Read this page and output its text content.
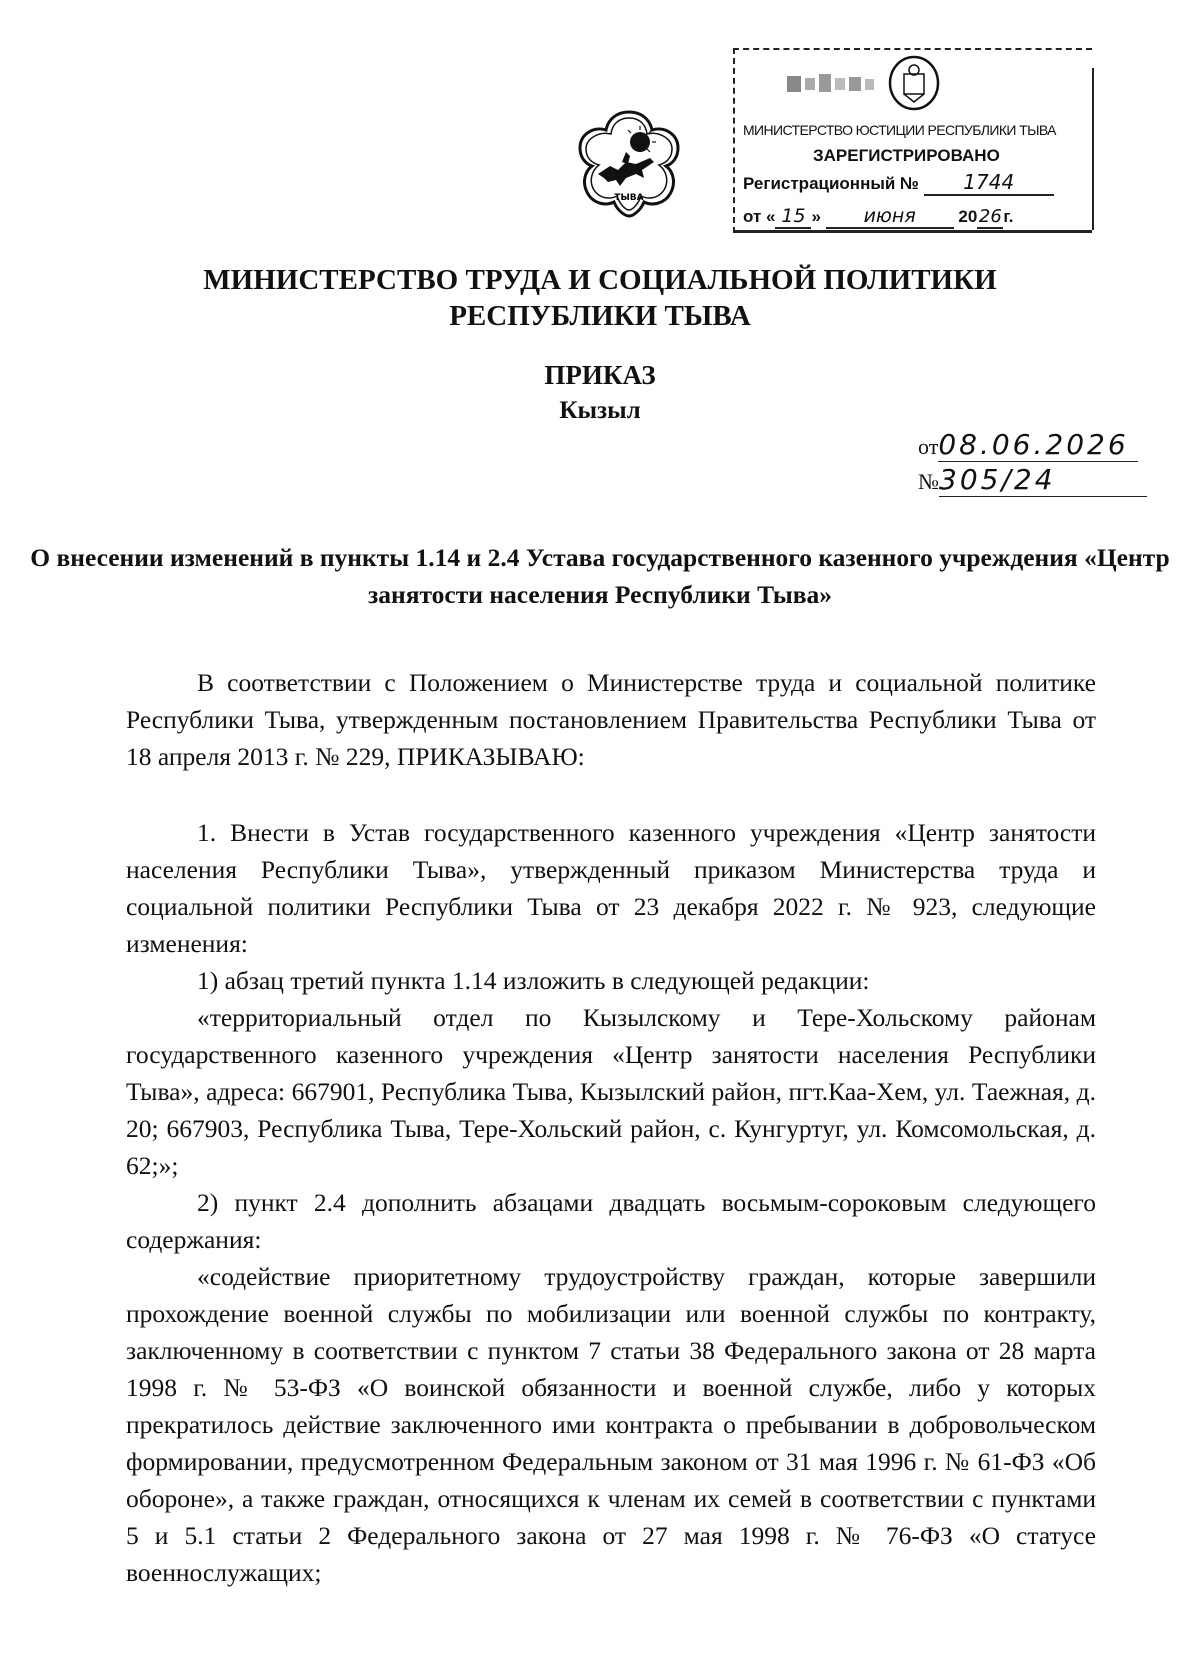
ТЫВА
МИНИСТЕРСТВО ЮСТИЦИИ РЕСПУБЛИКИ ТЫВА
ЗАРЕГИСТРИРОВАНО
Регистрационный № 1744
от « 15 » июня	2026г.
МИНИСТЕРСТВО ТРУДА И СОЦИАЛЬНОЙ ПОЛИТИКИ
РЕСПУБЛИКИ ТЫВА
ПРИКАЗ
Кызыл
от08.06.2026
№305/24
О внесении изменений в пункты 1.14 и 2.4 Устава государственного казенного учреждения «Центр занятости населения Республики Тыва»

В соответствии с Положением о Министерстве труда и социальной политике Республики Тыва, утвержденным постановлением Правительства Республики Тыва от 18 апреля 2013 г. № 229, ПРИКАЗЫВАЮ:

1. Внести в Устав государственного казенного учреждения «Центр занятости населения Республики Тыва», утвержденный приказом Министерства труда и социальной политики Республики Тыва от 23 декабря 2022 г. № 923, следующие изменения:

1) абзац третий пункта 1.14 изложить в следующей редакции:

«территориальный отдел по Кызылскому и Тере-Хольскому районам государственного казенного учреждения «Центр занятости населения Республики Тыва», адреса: 667901, Республика Тыва, Кызылский район, пгт.Каа-Хем, ул. Таежная, д. 20; 667903, Республика Тыва, Тере-Хольский район, с. Кунгуртуг, ул. Комсомольская, д. 62;»;

2) пункт 2.4 дополнить абзацами двадцать восьмым-сороковым следующего содержания:

«содействие приоритетному трудоустройству граждан, которые завершили прохождение военной службы по мобилизации или военной службы по контракту, заключенному в соответствии с пунктом 7 статьи 38 Федерального закона от 28 марта 1998 г. № 53-ФЗ «О воинской обязанности и военной службе, либо у которых прекратилось действие заключенного ими контракта о пребывании в добровольческом формировании, предусмотренном Федеральным законом от 31 мая 1996 г. № 61-ФЗ «Об обороне», а также граждан, относящихся к членам их семей в соответствии с пунктами 5 и 5.1 статьи 2 Федерального закона от 27 мая 1998 г. № 76-ФЗ «О статусе военнослужащих;
